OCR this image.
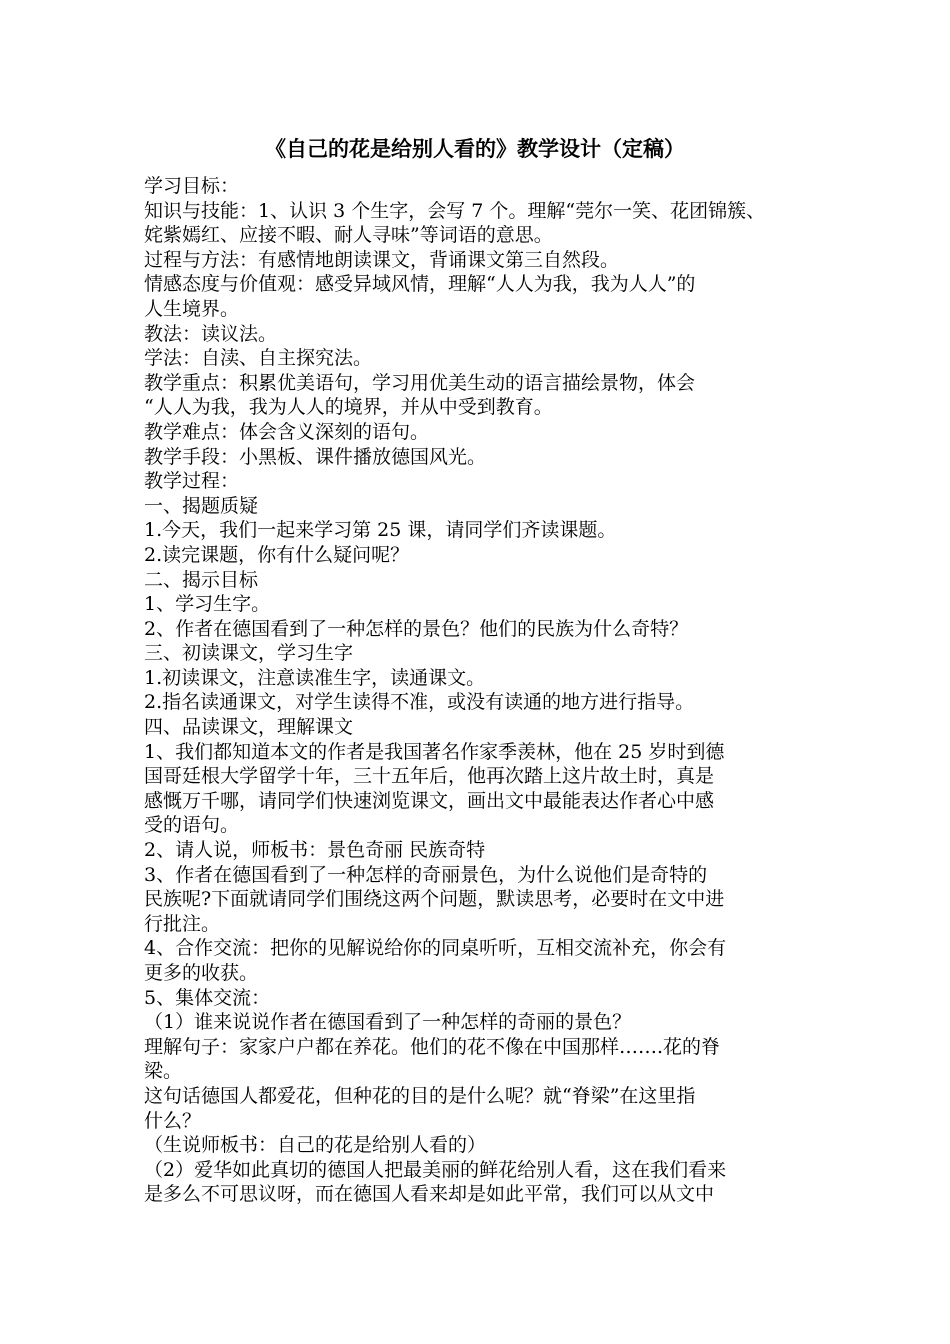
《自己的花是给别人看的》教学设计（定稿）
学习目标：
知识与技能：1、认识 3 个生字，会写 7 个。理解“莞尔一笑、花团锦簇、
姹紫嫣红、应接不暇、耐人寻味”等词语的意思。
过程与方法：有感情地朗读课文，背诵课文第三自然段。
情感态度与价值观：感受异域风情，理解“人人为我，我为人人”的
人生境界。
教法：读议法。
学法：自渎、自主探究法。
教学重点：积累优美语句，学习用优美生动的语言描绘景物，体会
“人人为我，我为人人的境界，并从中受到教育。
教学难点：体会含义深刻的语句。
教学手段：小黑板、课件播放德国风光。
教学过程：
一、揭题质疑
1.今天，我们一起来学习第 25 课，请同学们齐读课题。
2.读完课题，你有什么疑问呢？
二、揭示目标
1、学习生字。
2、作者在德国看到了一种怎样的景色？他们的民族为什么奇特？
三、初读课文，学习生字
1.初读课文，注意读准生字，读通课文。
2.指名读通课文，对学生读得不准，或没有读通的地方进行指导。
四、品读课文，理解课文
1、我们都知道本文的作者是我国著名作家季羡林，他在 25 岁时到德
国哥廷根大学留学十年，三十五年后，他再次踏上这片故土时，真是
感慨万千哪，请同学们快速浏览课文，画出文中最能表达作者心中感
受的语句。
2、请人说，师板书：景色奇丽 民族奇特
3、作者在德国看到了一种怎样的奇丽景色，为什么说他们是奇特的
民族呢?下面就请同学们围绕这两个问题，默读思考，必要时在文中进
行批注。
4、合作交流：把你的见解说给你的同桌听听，互相交流补充，你会有
更多的收获。
5、集体交流：
（1）谁来说说作者在德国看到了一种怎样的奇丽的景色？
理解句子：家家户户都在养花。他们的花不像在中国那样…….花的脊
梁。
这句话德国人都爱花，但种花的目的是什么呢？就“脊梁”在这里指
什么？
（生说师板书：自己的花是给别人看的）
（2）爱华如此真切的德国人把最美丽的鲜花给别人看，这在我们看来
是多么不可思议呀，而在德国人看来却是如此平常，我们可以从文中
